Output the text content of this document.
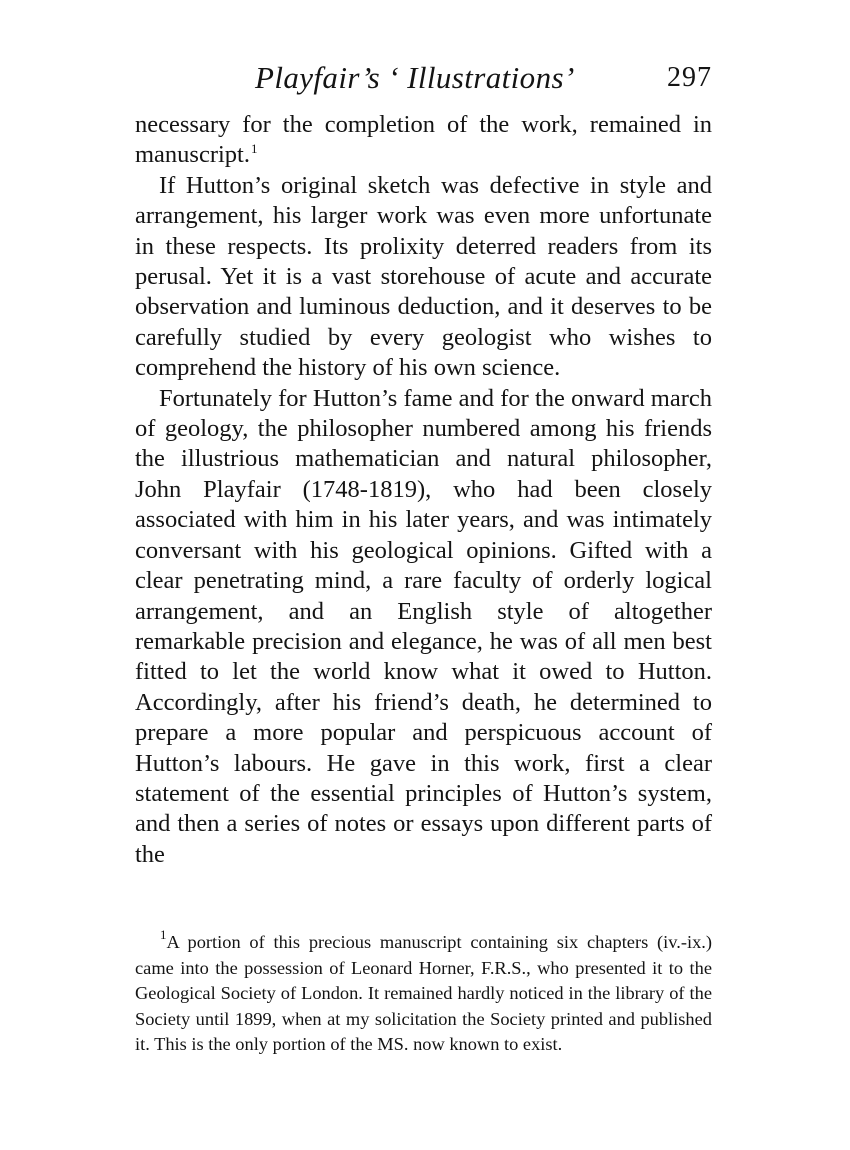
Playfair’s ‘ Illustrations’	297

necessary for the completion of the work, remained in manuscript.$^1$

If Hutton’s original sketch was defective in style and arrangement, his larger work was even more unfortunate in these respects. Its prolixity deterred readers from its perusal. Yet it is a vast storehouse of acute and accurate observation and luminous deduction, and it deserves to be carefully studied by every geologist who wishes to comprehend the history of his own science.

Fortunately for Hutton’s fame and for the onward march of geology, the philosopher numbered among his friends the illustrious mathematician and natural philosopher, John Playfair (1748-1819), who had been closely associated with him in his later years, and was intimately conversant with his geological opinions. Gifted with a clear penetrating mind, a rare faculty of orderly logical arrangement, and an English style of altogether remarkable precision and elegance, he was of all men best fitted to let the world know what it owed to Hutton. Accordingly, after his friend’s death, he determined to prepare a more popular and perspicuous account of Hutton’s labours. He gave in this work, first a clear statement of the essential principles of Hutton’s system, and then a series of notes or essays upon different parts of the

$^1$A portion of this precious manuscript containing six chapters (iv.-ix.) came into the possession of Leonard Horner, F.R.S., who presented it to the Geological Society of London. It remained hardly noticed in the library of the Society until 1899, when at my solicitation the Society printed and published it. This is the only portion of the MS. now known to exist.
